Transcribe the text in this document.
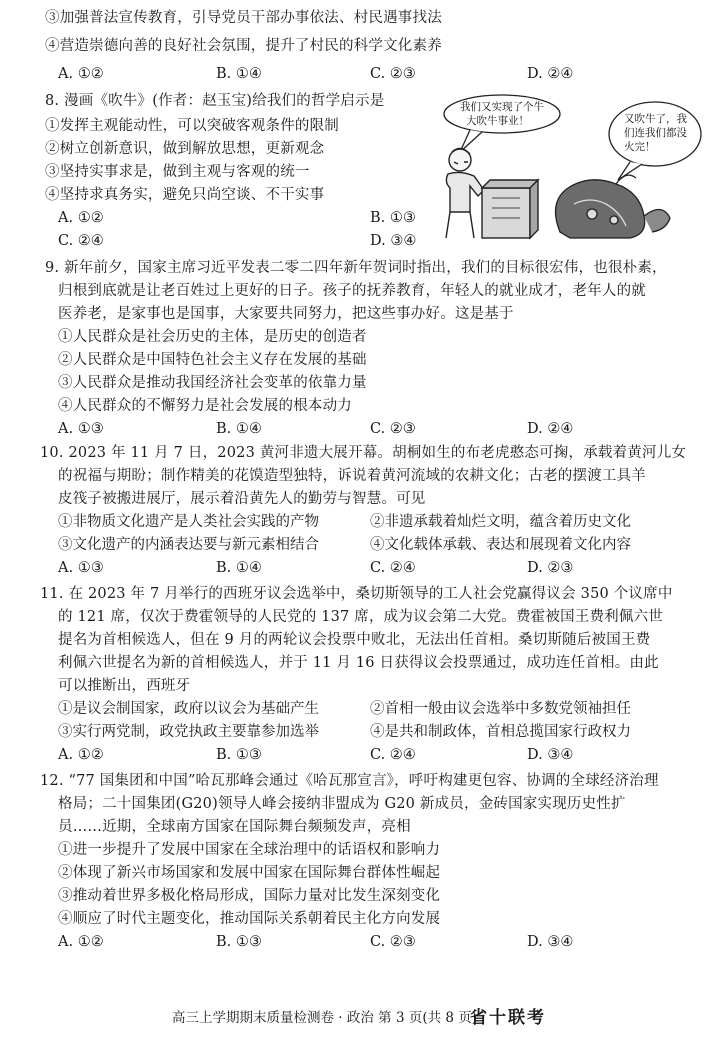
③加强普法宣传教育，引导党员干部办事依法、村民遇事找法
④营造崇德向善的良好社会氛围，提升了村民的科学文化素养
A. ①②	B. ①④	C. ②③	D. ②④
8. 漫画《吹牛》(作者：赵玉宝)给我们的哲学启示是
①发挥主观能动性，可以突破客观条件的限制
②树立创新意识，做到解放思想，更新观念
③坚持实事求是，做到主观与客观的统一
④坚持求真务实，避免只尚空谈、不干实事
A. ①②	B. ①③
C. ②④	D. ③④
我们又实现了个牛
大吹牛事业！	又吹牛了，我
们连我们都没
火完！
9. 新年前夕，国家主席习近平发表二零二四年新年贺词时指出，我们的目标很宏伟，也很朴素，
归根到底就是让老百姓过上更好的日子。孩子的抚养教育，年轻人的就业成才，老年人的就
医养老，是家事也是国事，大家要共同努力，把这些事办好。这是基于
①人民群众是社会历史的主体，是历史的创造者
②人民群众是中国特色社会主义存在发展的基础
③人民群众是推动我国经济社会变革的依靠力量
④人民群众的不懈努力是社会发展的根本动力
A. ①③	B. ①④	C. ②③	D. ②④
10. 2023 年 11 月 7 日，2023 黄河非遗大展开幕。胡桐如生的布老虎憨态可掬，承载着黄河儿女
的祝福与期盼；制作精美的花馍造型独特，诉说着黄河流域的农耕文化；古老的摆渡工具羊
皮筏子被搬进展厅，展示着沿黄先人的勤劳与智慧。可见
①非物质文化遗产是人类社会实践的产物	②非遗承载着灿烂文明，蕴含着历史文化
③文化遗产的内涵表达要与新元素相结合	④文化载体承载、表达和展现着文化内容
A. ①③	B. ①④	C. ②④	D. ②③
11. 在 2023 年 7 月举行的西班牙议会选举中，桑切斯领导的工人社会党赢得议会 350 个议席中
的 121 席，仅次于费霍领导的人民党的 137 席，成为议会第二大党。费霍被国王费利佩六世
提名为首相候选人，但在 9 月的两轮议会投票中败北，无法出任首相。桑切斯随后被国王费
利佩六世提名为新的首相候选人，并于 11 月 16 日获得议会投票通过，成功连任首相。由此
可以推断出，西班牙
①是议会制国家，政府以议会为基础产生	②首相一般由议会选举中多数党领袖担任
③实行两党制，政党执政主要靠参加选举	④是共和制政体，首相总揽国家行政权力
A. ①②	B. ①③	C. ②④	D. ③④
12. “77 国集团和中国”哈瓦那峰会通过《哈瓦那宣言》，呼吁构建更包容、协调的全球经济治理
格局；二十国集团(G20)领导人峰会接纳非盟成为 G20 新成员，金砖国家实现历史性扩
员……近期，全球南方国家在国际舞台频频发声，亮相
①进一步提升了发展中国家在全球治理中的话语权和影响力
②体现了新兴市场国家和发展中国家在国际舞台群体性崛起
③推动着世界多极化格局形成，国际力量对比发生深刻变化
④顺应了时代主题变化，推动国际关系朝着民主化方向发展
A. ①②	B. ①③	C. ②③	D. ③④
高三上学期期末质量检测卷 · 政治 第 3 页(共 8 页)
省十联考
